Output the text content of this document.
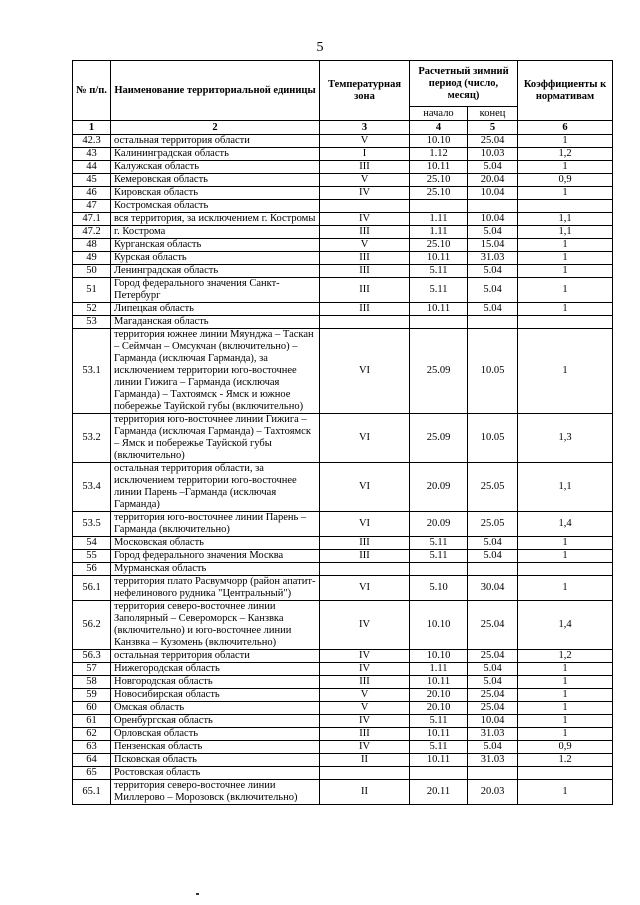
5
№ п/п.	Наименование территориальной единицы	Температурная зона	Расчетный зимний период (число, месяц)		Коэффициенты к нормативам
			начало	конец	
1	2	3	4	5	6
42.3	остальная территория области	V	10.10	25.04	1
43	Калининградская область	I	1.12	10.03	1,2
44	Калужская область	III	10.11	5.04	1
45	Кемеровская область	V	25.10	20.04	0,9
46	Кировская область	IV	25.10	10.04	1
47	Костромская область				
47.1	вся территория, за исключением г. Костромы	IV	1.11	10.04	1,1
47.2	г. Кострома	III	1.11	5.04	1,1
48	Курганская область	V	25.10	15.04	1
49	Курская область	III	10.11	31.03	1
50	Ленинградская область	III	5.11	5.04	1
51	Город федерального значения Санкт-Петербург	III	5.11	5.04	1
52	Липецкая область	III	10.11	5.04	1
53	Магаданская область				
53.1	территория южнее линии Мяунджа – Таскан – Сеймчан – Омсукчан (включительно) – Гарманда (исключая Гарманда), за исключением территории юго-восточнее линии Гижига – Гарманда (исключая Гарманда) – Тахтоямск - Ямск и южное побережье Тауйской губы (включительно)	VI	25.09	10.05	1
53.2	территория юго-восточнее линии Гижига – Гарманда (исключая Гарманда) – Тахтоямск – Ямск и побережье Тауйской губы (включительно)	VI	25.09	10.05	1,3
53.4	остальная территория области, за исключением территории юго-восточнее линии Парень –Гарманда (исключая Гарманда)	VI	20.09	25.05	1,1
53.5	территория юго-восточнее линии Парень – Гарманда (включительно)	VI	20.09	25.05	1,4
54	Московская область	III	5.11	5.04	1
55	Город федерального значения Москва	III	5.11	5.04	1
56	Мурманская область				
56.1	территория плато Расвумчорр (район апатит-нефелинового рудника "Центральный")	VI	5.10	30.04	1
56.2	территория северо-восточнее линии Заполярный – Североморск – Канзвка (включительно) и юго-восточнее линии Канзвка – Кузомень (включительно)	IV	10.10	25.04	1,4
56.3	остальная территория области	IV	10.10	25.04	1,2
57	Нижегородская область	IV	1.11	5.04	1
58	Новгородская область	III	10.11	5.04	1
59	Новосибирская область	V	20.10	25.04	1
60	Омская область	V	20.10	25.04	1
61	Оренбургская область	IV	5.11	10.04	1
62	Орловская область	III	10.11	31.03	1
63	Пензенская область	IV	5.11	5.04	0,9
64	Псковская область	II	10.11	31.03	1.2
65	Ростовская область				
65.1	территория северо-восточнее линии Миллерово – Морозовск (включительно)	II	20.11	20.03	1
